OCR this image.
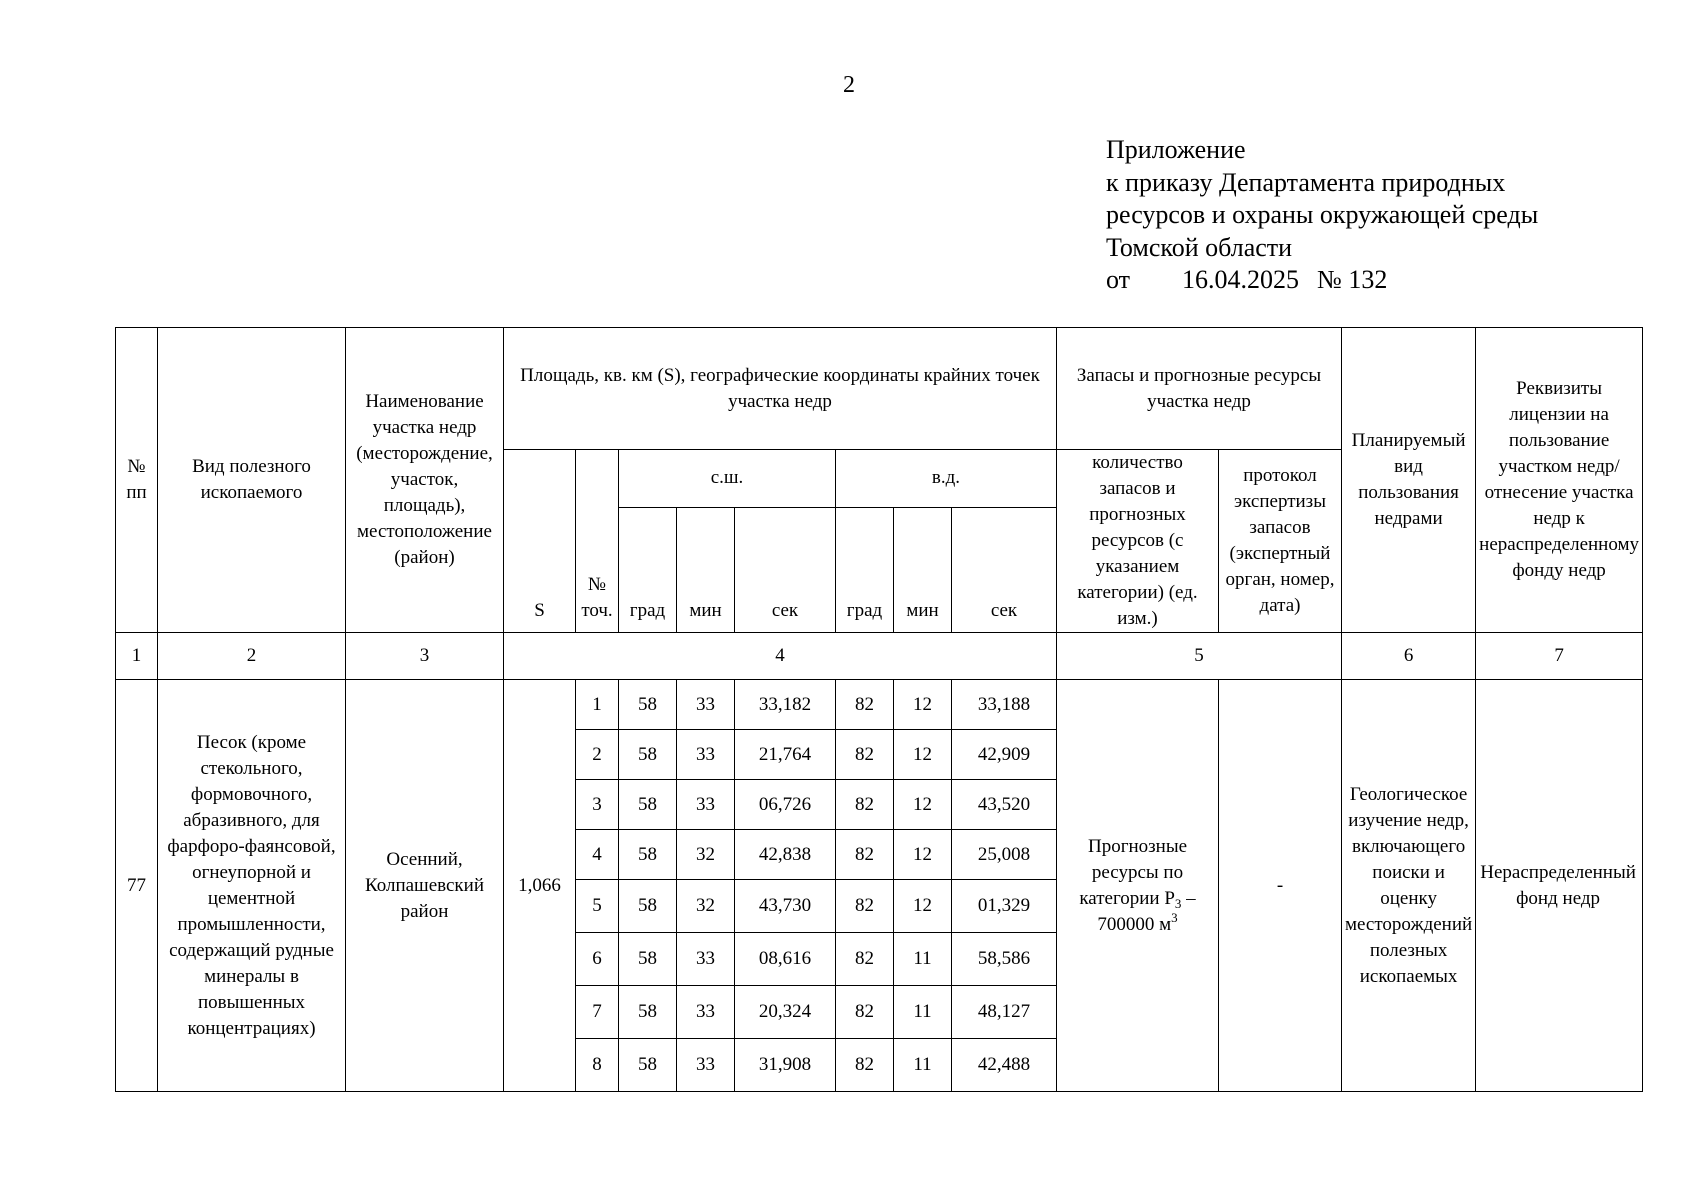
2
Приложение
к приказу Департамента природных
ресурсов и охраны окружающей среды
Томской области
от 16.04.2025 № 132
№ пп	Вид полезного ископаемого	Наименование участка недр (месторождение, участок, площадь), местоположение (район)	Площадь, кв. км (S), географические координаты крайних точек участка недр								Запасы и прогнозные ресурсы участка недр		Планируемый вид пользования недрами	Реквизиты лицензии на пользование участком недр/ отнесение участка недр к нераспределенному фонду недр
			S	№ точ.	с.ш.			в.д.			количество запасов и прогнозных ресурсов (с указанием категории) (ед. изм.)	протокол экспертизы запасов (экспертный орган, номер, дата)		
					град	мин	сек	град	мин	сек				
1	2	3	4								5		6	7
77	Песок (кроме стекольного, формовочного, абразивного, для фарфоро-фаянсовой, огнеупорной и цементной промышленности, содержащий рудные минералы в повышенных концентрациях)	Осенний, Колпашевский район	1,066	1	58	33	33,182	82	12	33,188	Прогнозные ресурсы по категории $P_3 - 700000$ $м^3$	-	Геологическое изучение недр, включающего поиски и оценку месторождений полезных ископаемых	Нераспределенный фонд недр
				2	58	33	21,764	82	12	42,909				
				3	58	33	06,726	82	12	43,520				
				4	58	32	42,838	82	12	25,008				
				5	58	32	43,730	82	12	01,329				
				6	58	33	08,616	82	11	58,586				
				7	58	33	20,324	82	11	48,127				
				8	58	33	31,908	82	11	42,488				
